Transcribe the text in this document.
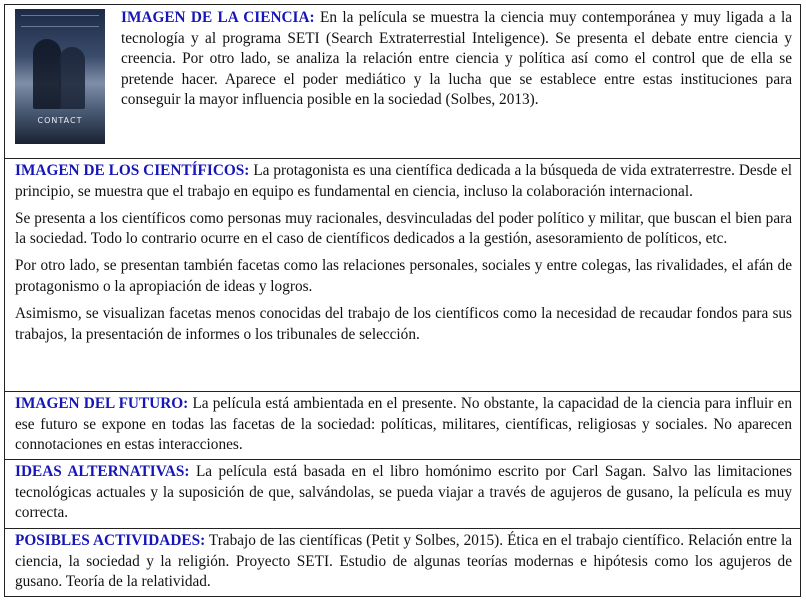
CONTACT

IMAGEN DE LA CIENCIA: En la película se muestra la ciencia muy contemporánea y muy ligada a la tecnología y al programa SETI (Search Extraterrestial Inteligence). Se presenta el debate entre ciencia y creencia. Por otro lado, se analiza la relación entre ciencia y política así como el control que de ella se pretende hacer. Aparece el poder mediático y la lucha que se establece entre estas instituciones para conseguir la mayor influencia posible en la sociedad (Solbes, 2013).

IMAGEN DE LOS CIENTÍFICOS: La protagonista es una científica dedicada a la búsqueda de vida extraterrestre. Desde el principio, se muestra que el trabajo en equipo es fundamental en ciencia, incluso la colaboración internacional.

Se presenta a los científicos como personas muy racionales, desvinculadas del poder político y militar, que buscan el bien para la sociedad. Todo lo contrario ocurre en el caso de científicos dedicados a la gestión, asesoramiento de políticos, etc.

Por otro lado, se presentan también facetas como las relaciones personales, sociales y entre colegas, las rivalidades, el afán de protagonismo o la apropiación de ideas y logros.

Asimismo, se visualizan facetas menos conocidas del trabajo de los científicos como la necesidad de recaudar fondos para sus trabajos, la presentación de informes o los tribunales de selección.

IMAGEN DEL FUTURO: La película está ambientada en el presente. No obstante, la capacidad de la ciencia para influir en ese futuro se expone en todas las facetas de la sociedad: políticas, militares, científicas, religiosas y sociales. No aparecen connotaciones en estas interacciones.

IDEAS ALTERNATIVAS: La película está basada en el libro homónimo escrito por Carl Sagan. Salvo las limitaciones tecnológicas actuales y la suposición de que, salvándolas, se pueda viajar a través de agujeros de gusano, la película es muy correcta.

POSIBLES ACTIVIDADES: Trabajo de las científicas (Petit y Solbes, 2015). Ética en el trabajo científico. Relación entre la ciencia, la sociedad y la religión. Proyecto SETI. Estudio de algunas teorías modernas e hipótesis como los agujeros de gusano. Teoría de la relatividad.
